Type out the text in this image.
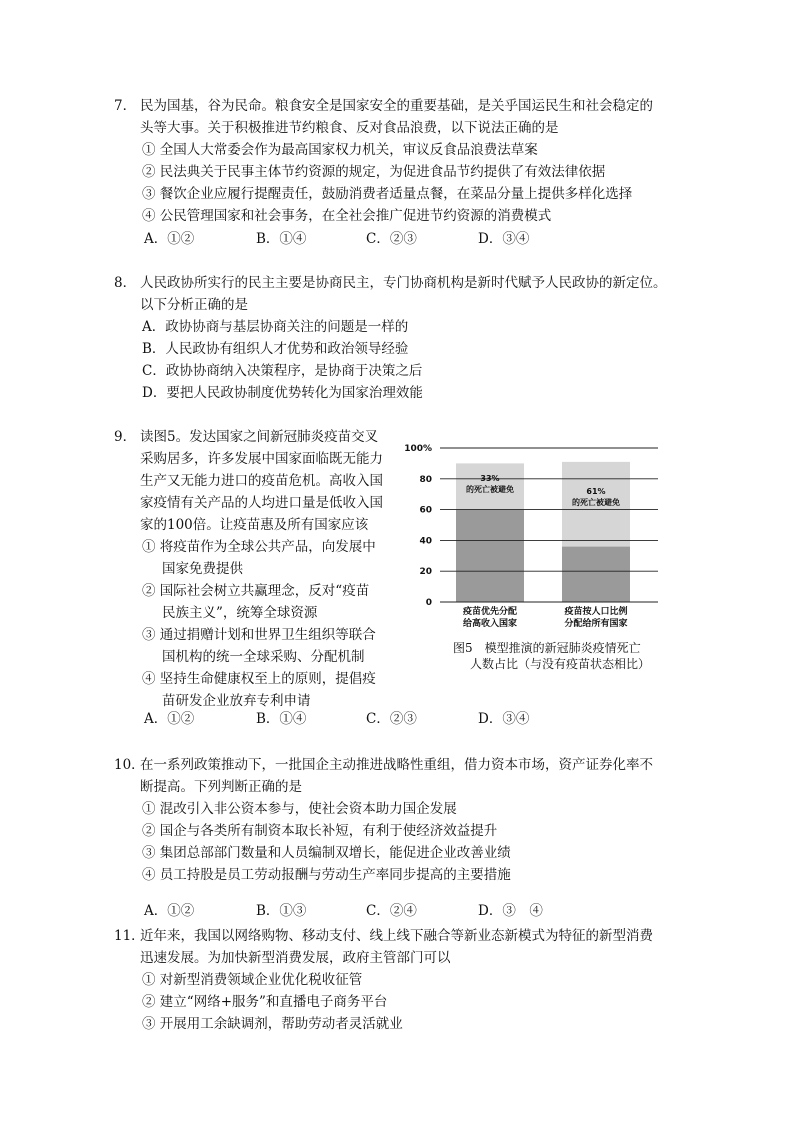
7． 民为国基，谷为民命。粮食安全是国家安全的重要基础，是关乎国运民生和社会稳定的
头等大事。关于积极推进节约粮食、反对食品浪费，以下说法正确的是
① 全国人大常委会作为最高国家权力机关，审议反食品浪费法草案
② 民法典关于民事主体节约资源的规定，为促进食品节约提供了有效法律依据
③ 餐饮企业应履行提醒责任，鼓励消费者适量点餐，在菜品分量上提供多样化选择
④ 公民管理国家和社会事务，在全社会推广促进节约资源的消费模式
A．①②	B．①④	C．②③	D．③④
8． 人民政协所实行的民主主要是协商民主，专门协商机构是新时代赋予人民政协的新定位。
以下分析正确的是
A．政协协商与基层协商关注的问题是一样的
B．人民政协有组织人才优势和政治领导经验
C．政协协商纳入决策程序，是协商于决策之后
D．要把人民政协制度优势转化为国家治理效能
9． 读图5。发达国家之间新冠肺炎疫苗交叉
采购居多，许多发展中国家面临既无能力
生产又无能力进口的疫苗危机。高收入国
家疫情有关产品的人均进口量是低收入国
家的100倍。让疫苗惠及所有国家应该
① 将疫苗作为全球公共产品，向发展中
国家免费提供
② 国际社会树立共赢理念，反对“疫苗
民族主义”，统筹全球资源
③ 通过捐赠计划和世界卫生组织等联合
国机构的统一全球采购、分配机制
④ 坚持生命健康权至上的原则，提倡疫
苗研发企业放弃专利申请
A．①②	B．①④	C．②③	D．③④
0
20
40
60
80
100%
33%
的死亡被避免	61%
的死亡被避免
疫苗优先分配
给高收入国家
疫苗按人口比例
分配给所有国家
图5　模型推演的新冠肺炎疫情死亡
人数占比（与没有疫苗状态相比）
10．
在一系列政策推动下，一批国企主动推进战略性重组，借力资本市场，资产证券化率不
断提高。下列判断正确的是
① 混改引入非公资本参与，使社会资本助力国企发展
② 国企与各类所有制资本取长补短，有利于使经济效益提升
③ 集团总部部门数量和人员编制双增长，能促进企业改善业绩
④ 员工持股是员工劳动报酬与劳动生产率同步提高的主要措施
A．①②	B．①③	C．②④	D．③　④
11．
近年来，我国以网络购物、移动支付、线上线下融合等新业态新模式为特征的新型消费
迅速发展。为加快新型消费发展，政府主管部门可以
① 对新型消费领域企业优化税收征管
② 建立“网络+服务”和直播电子商务平台
③ 开展用工余缺调剂，帮助劳动者灵活就业
